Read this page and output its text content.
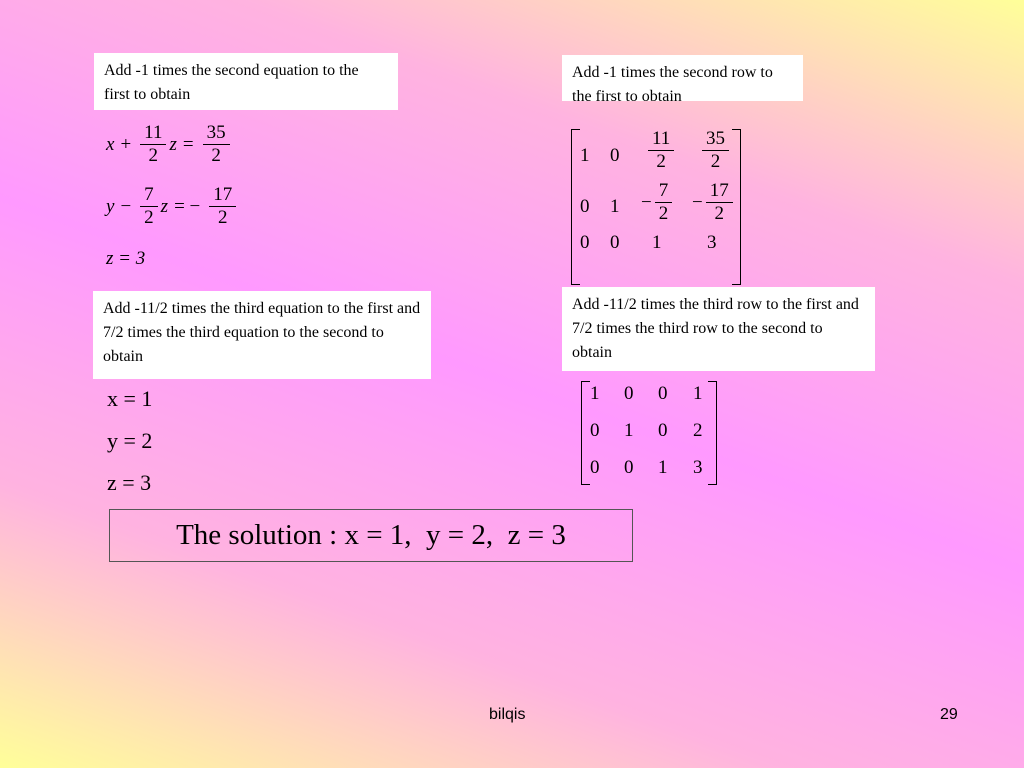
Add -1 times the second equation to the first to obtain
Add -1 times the second row to the first to obtain
Add -11/2 times the third equation to the first and 7/2 times the third equation to the second to obtain
Add -11/2 times the third row to the first and 7/2 times the third row to the second to obtain
$x + \frac{11}{2}$ $z = \frac{35}{2}$
$y - \frac{7}{2}$ z = − $\frac{17}{2}$
z = 3
1 $0 \frac{11}{2} \frac{35}{2}$
0 $1 - \frac{7}{2} - \frac{17}{2}$
0 0 1 3
x = 1
y = 2
z = 3
1 0 0 1
0 1 0 2
0 0 1 3
The solution : x = 1,  y = 2,  z = 3
bilqis	29
